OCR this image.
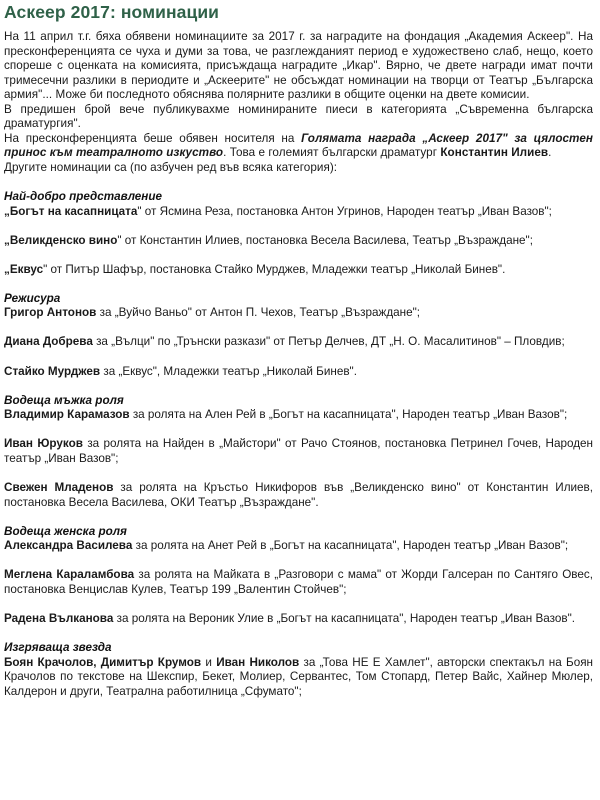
Аскеер 2017: номинации

На 11 април т.г. бяха обявени номинациите за 2017 г. за наградите на фондация „Академия Аскеер". На пресконференцията се чуха и думи за това, че разглежданият период е художествено слаб, нещо, което спореше с оценката на комисията, присъждаща наградите „Икар". Вярно, че двете награди имат почти тримесечни разлики в периодите и „Аскеерите" не обсъждат номинации на творци от Театър „Българска армия"... Може би последното обяснява полярните разлики в общите оценки на двете комисии.

В предишен брой вече публикувахме номинираните пиеси в категорията „Съвременна българска драматургия".

На пресконференцията беше обявен носителя на Голямата награда „Аскеер 2017" за цялостен принос към театралното изкуство. Това е големият български драматург Константин Илиев.

Другите номинации са (по азбучен ред във всяка категория):

Най-добро представление

„Богът на касапницата" от Ясмина Реза, постановка Антон Угринов, Народен театър „Иван Вазов";

„Великденско вино" от Константин Илиев, постановка Весела Василева, Театър „Възраждане";

„Еквус" от Питър Шафър, постановка Стайко Мурджев, Младежки театър „Николай Бинев".

Режисура

Григор Антонов за „Вуйчо Ваньо" от Антон П. Чехов, Театър „Възраждане";

Диана Добрева за „Вълци" по „Трънски разкази" от Петър Делчев, ДТ „Н. О. Масалитинов" – Пловдив;

Стайко Мурджев за „Еквус", Младежки театър „Николай Бинев".

Водеща мъжка роля

Владимир Карамазов за ролята на Ален Рей в „Богът на касапницата", Народен театър „Иван Вазов";

Иван Юруков за ролята на Найден в „Майстори" от Рачо Стоянов, постановка Петринел Гочев, Народен театър „Иван Вазов";

Свежен Младенов за ролята на Кръстьо Никифоров във „Великденско вино" от Константин Илиев, постановка Весела Василева, ОКИ Театър „Възраждане".

Водеща женска роля

Александра Василева за ролята на Анет Рей в „Богът на касапницата", Народен театър „Иван Вазов";

Меглена Караламбова за ролята на Майката в „Разговори с мама" от Жорди Галсеран по Сантяго Овес, постановка Венцислав Кулев, Театър 199 „Валентин Стойчев";

Радена Вълканова за ролята на Вероник Улие в „Богът на касапницата", Народен театър „Иван Вазов".

Изгряваща звезда

Боян Крачолов, Димитър Крумов и Иван Николов за „Това НЕ Е Хамлет", авторски спектакъл на Боян Крачолов по текстове на Шекспир, Бекет, Молиер, Сервантес, Том Стопард, Петер Вайс, Хайнер Мюлер, Калдерон и други, Театрална работилница „Сфумато";
